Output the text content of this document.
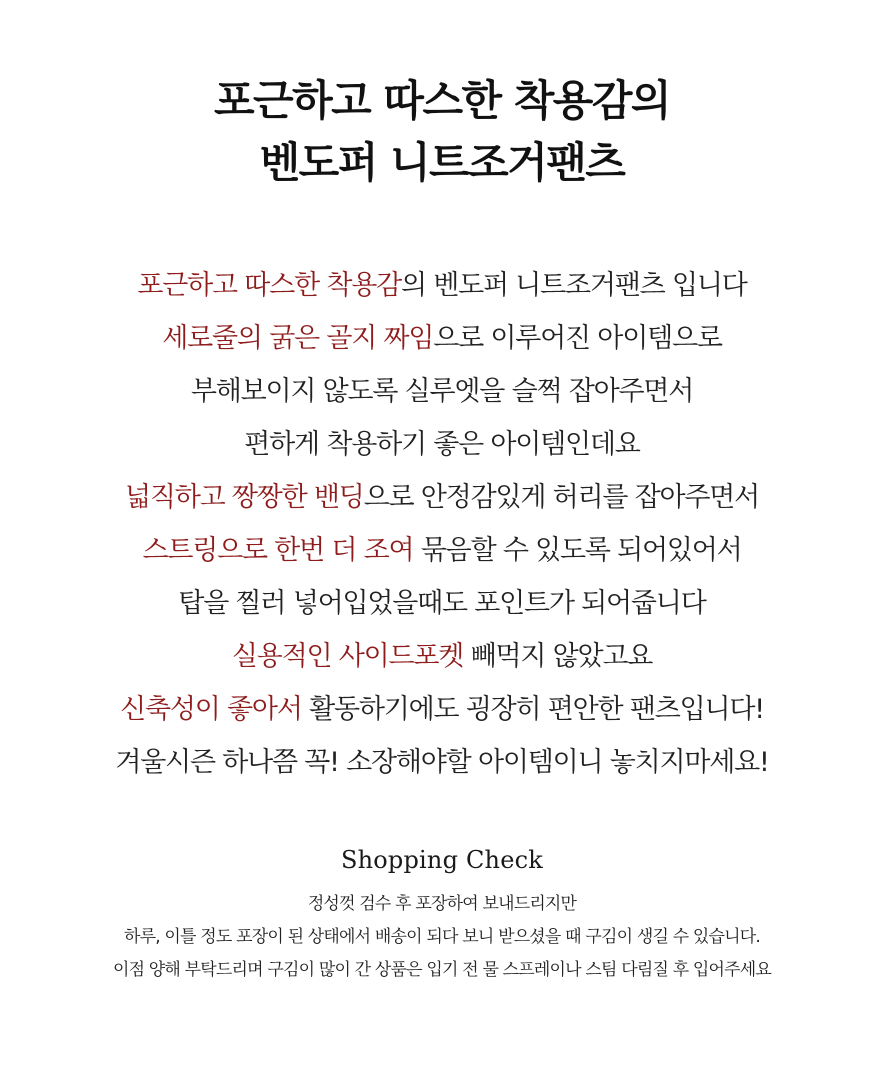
포근하고 따스한 착용감의
벤도퍼 니트조거팬츠
포근하고 따스한 착용감의 벤도퍼 니트조거팬츠 입니다
세로줄의 굵은 골지 짜임으로 이루어진 아이템으로
부해보이지 않도록 실루엣을 슬쩍 잡아주면서
편하게 착용하기 좋은 아이템인데요
넓직하고 짱짱한 밴딩으로 안정감있게 허리를 잡아주면서
스트링으로 한번 더 조여 묶음할 수 있도록 되어있어서
탑을 찔러 넣어입었을때도 포인트가 되어줍니다
실용적인 사이드포켓 빼먹지 않았고요
신축성이 좋아서 활동하기에도 굉장히 편안한 팬츠입니다!
겨울시즌 하나쯤 꼭! 소장해야할 아이템이니 놓치지마세요!
Shopping Check
정성껏 검수 후 포장하여 보내드리지만
하루, 이틀 정도 포장이 된 상태에서 배송이 되다 보니 받으셨을 때 구김이 생길 수 있습니다.
이점 양해 부탁드리며 구김이 많이 간 상품은 입기 전 물 스프레이나 스팀 다림질 후 입어주세요
